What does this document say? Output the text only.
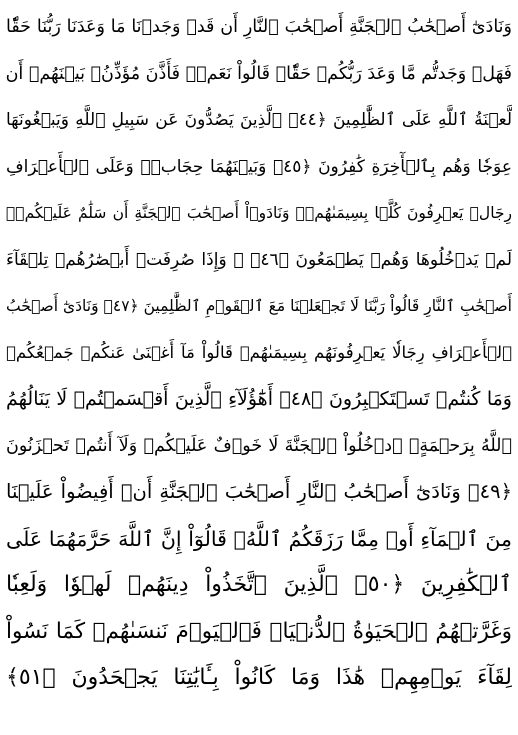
وَنَادَىٰٓ أَصۡحَٰبُ ٱلۡجَنَّةِ أَصۡحَٰبَ ٱلنَّارِ أَن قَدۡ وَجَدۡنَا مَا وَعَدَنَا رَبُّنَا حَقّٗا
فَهَلۡ وَجَدتُّم مَّا وَعَدَ رَبُّكُمۡ حَقّٗاۖ قَالُواْ نَعَمۡۚ فَأَذَّنَ مُؤَذِّنُۢ بَيۡنَهُمۡ أَن
لَّعۡنَةُ ٱللَّهِ عَلَى ٱلظَّٰلِمِينَ ﴿٤٤﴾ ٱلَّذِينَ يَصُدُّونَ عَن سَبِيلِ ٱللَّهِ وَيَبۡغُونَهَا
عِوَجٗا وَهُم بِٱلۡأٓخِرَةِ كَٰفِرُونَ ﴿٤٥﴾ وَبَيۡنَهُمَا حِجَابٞۚ وَعَلَى ٱلۡأَعۡرَافِ
رِجَالٞ يَعۡرِفُونَ كُلَّۢا بِسِيمَىٰهُمۡۚ وَنَادَوۡاْ أَصۡحَٰبَ ٱلۡجَنَّةِ أَن سَلَٰمٌ عَلَيۡكُمۡۚ
لَمۡ يَدۡخُلُوهَا وَهُمۡ يَطۡمَعُونَ ﴿٤٦﴾ ۞ وَإِذَا صُرِفَتۡ أَبۡصَٰرُهُمۡ تِلۡقَآءَ
أَصۡحَٰبِ ٱلنَّارِ قَالُواْ رَبَّنَا لَا تَجۡعَلۡنَا مَعَ ٱلۡقَوۡمِ ٱلظَّٰلِمِينَ ﴿٤٧﴾ وَنَادَىٰٓ أَصۡحَٰبُ
ٱلۡأَعۡرَافِ رِجَالٗا يَعۡرِفُونَهُم بِسِيمَىٰهُمۡ قَالُواْ مَآ أَغۡنَىٰ عَنكُمۡ جَمۡعُكُمۡ
وَمَا كُنتُمۡ تَسۡتَكۡبِرُونَ ﴿٤٨﴾ أَهَٰٓؤُلَآءِ ٱلَّذِينَ أَقۡسَمۡتُمۡ لَا يَنَالُهُمُ
ٱللَّهُ بِرَحۡمَةٍۚ ٱدۡخُلُواْ ٱلۡجَنَّةَ لَا خَوۡفٌ عَلَيۡكُمۡ وَلَآ أَنتُمۡ تَحۡزَنُونَ
﴿٤٩﴾ وَنَادَىٰٓ أَصۡحَٰبُ ٱلنَّارِ أَصۡحَٰبَ ٱلۡجَنَّةِ أَنۡ أَفِيضُواْ عَلَيۡنَا
مِنَ ٱلۡمَآءِ أَوۡ مِمَّا رَزَقَكُمُ ٱللَّهُۚ قَالُوٓاْ إِنَّ ٱللَّهَ حَرَّمَهُمَا عَلَى
ٱلۡكَٰفِرِينَ ﴿٥٠﴾ ٱلَّذِينَ ٱتَّخَذُواْ دِينَهُمۡ لَهۡوٗا وَلَعِبٗا
وَغَرَّتۡهُمُ ٱلۡحَيَوٰةُ ٱلدُّنۡيَاۚ فَٱلۡيَوۡمَ نَنسَىٰهُمۡ كَمَا نَسُواْ
لِقَآءَ يَوۡمِهِمۡ هَٰذَا وَمَا كَانُواْ بِـَٔايَٰتِنَا يَجۡحَدُونَ ﴿٥١﴾
